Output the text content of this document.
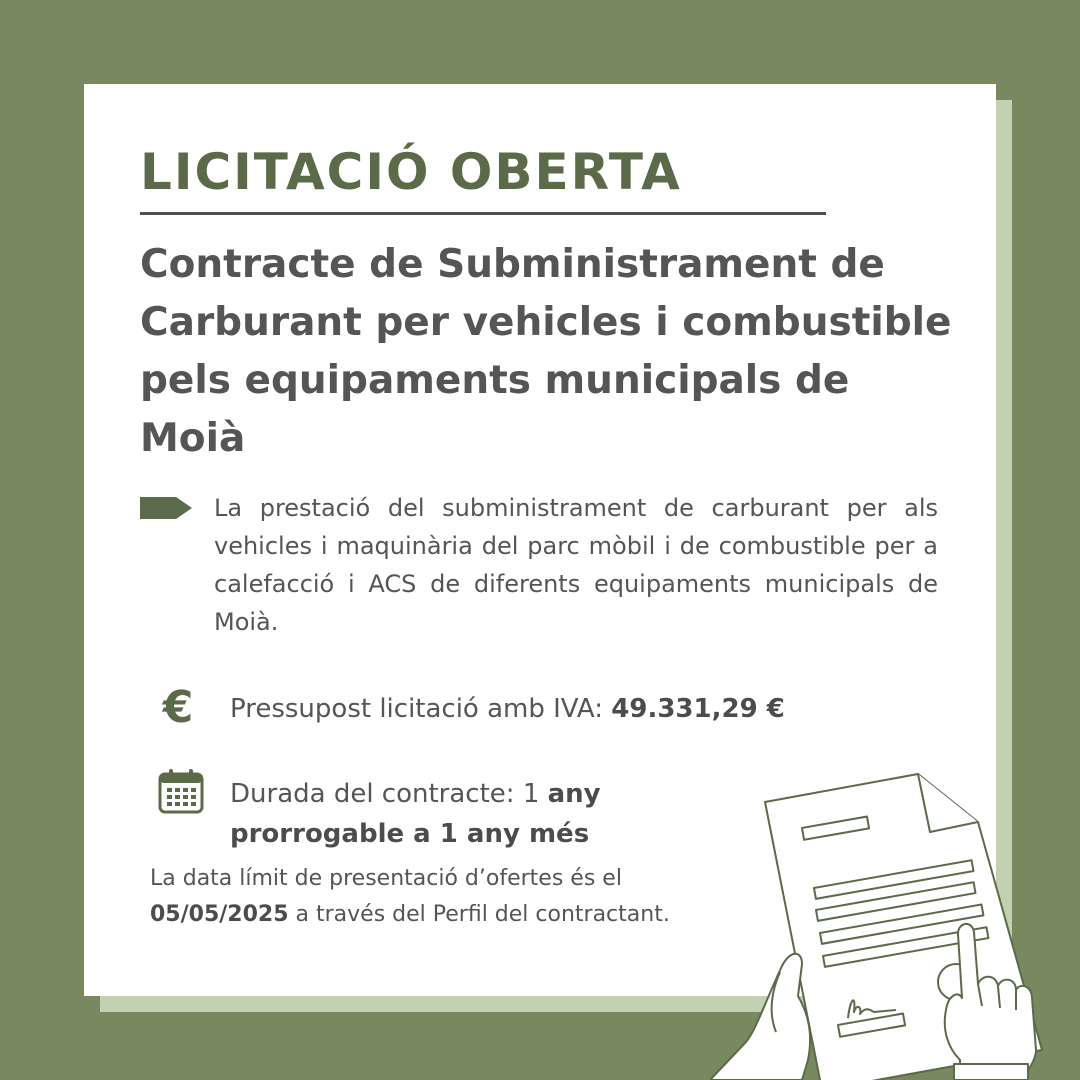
LICITACIÓ OBERTA
Contracte de Subministrament de Carburant per vehicles i combustible pels equipaments municipals de Moià

La prestació del subministrament de carburant per als vehicles i maquinària del parc mòbil i de combustible per a calefacció i ACS de diferents equipaments municipals de Moià.

€ Pressupost licitació amb IVA: 49.331,29 €

Durada del contracte: 1 any prorrogable a 1 any més

La data límit de presentació d’ofertes és el
05/05/2025 a través del Perfil del contractant.
